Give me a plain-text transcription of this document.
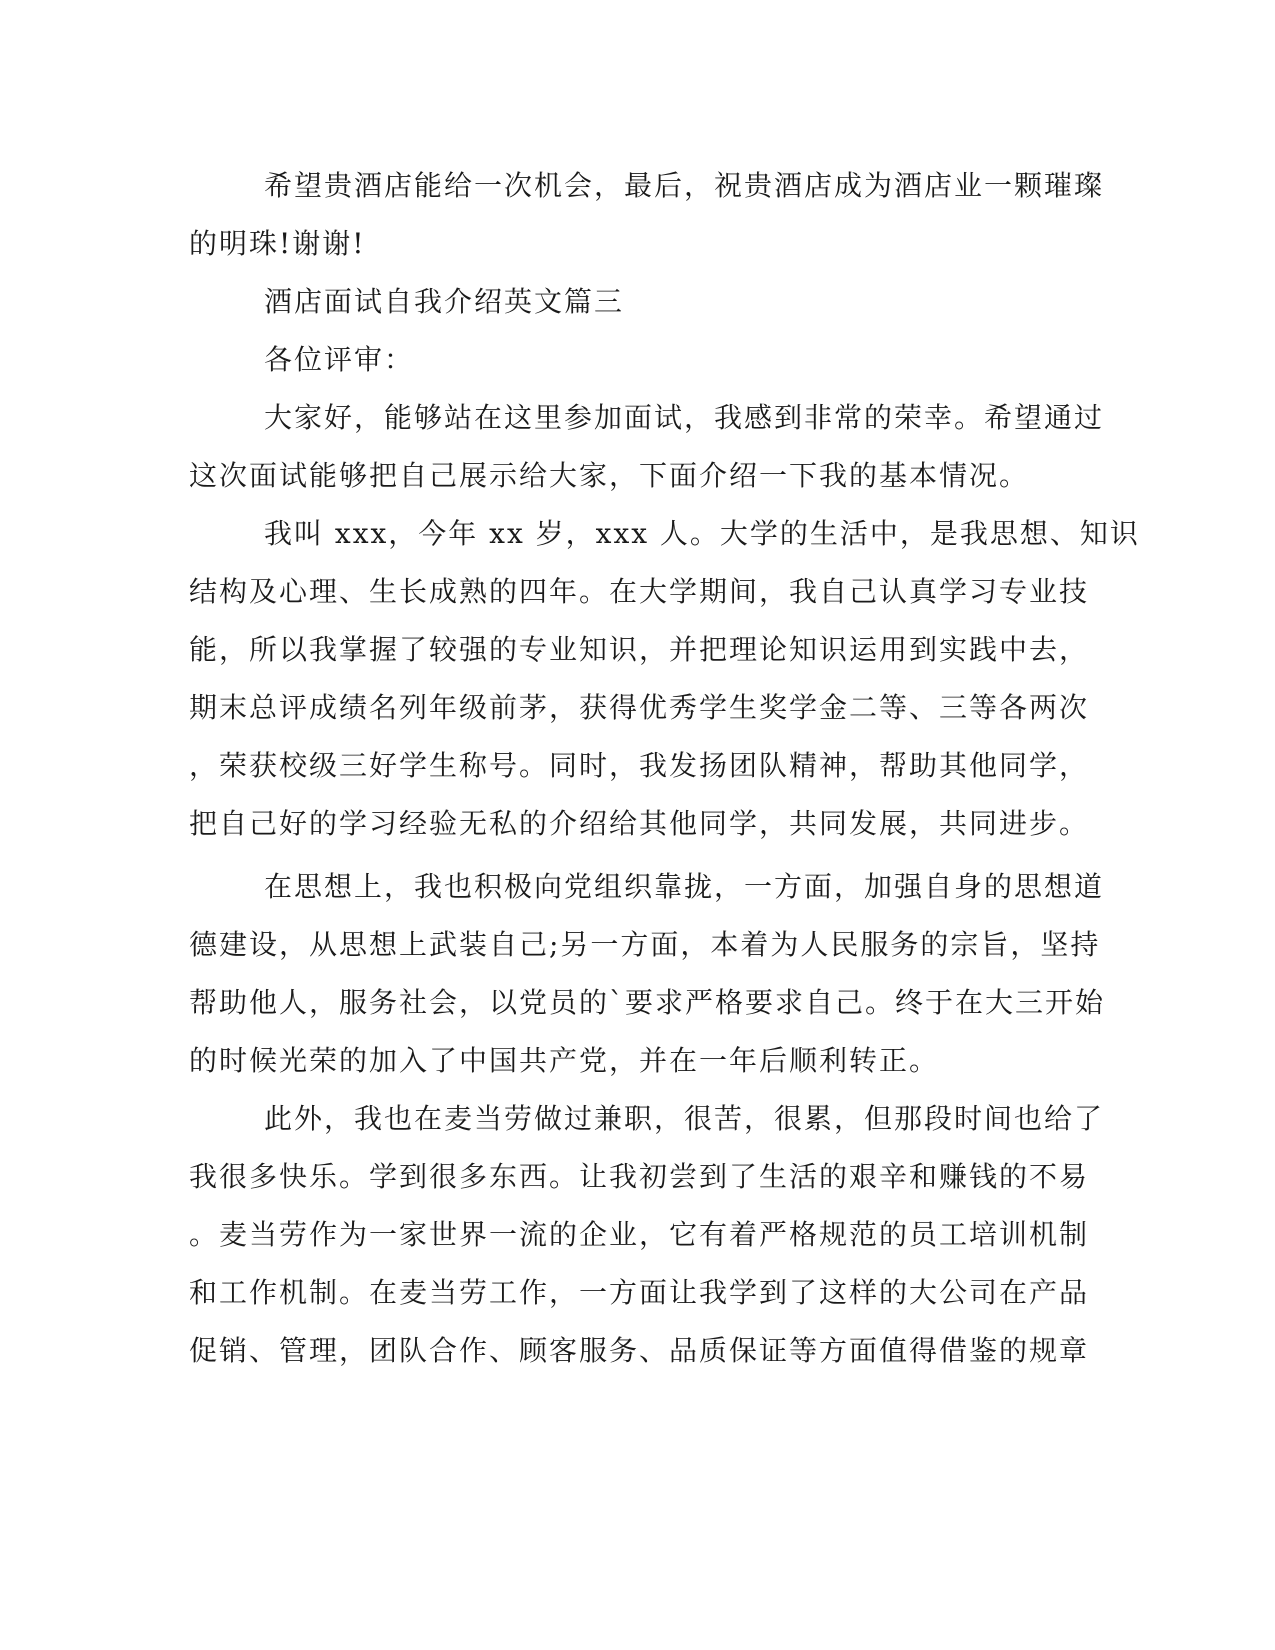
希望贵酒店能给一次机会，最后，祝贵酒店成为酒店业一颗璀璨
的明珠!谢谢!
酒店面试自我介绍英文篇三
各位评审：
大家好，能够站在这里参加面试，我感到非常的荣幸。希望通过
这次面试能够把自己展示给大家，下面介绍一下我的基本情况。
我叫 xxx，今年 xx 岁，xxx 人。大学的生活中，是我思想、知识
结构及心理、生长成熟的四年。在大学期间，我自己认真学习专业技
能，所以我掌握了较强的专业知识，并把理论知识运用到实践中去，
期末总评成绩名列年级前茅，获得优秀学生奖学金二等、三等各两次
，荣获校级三好学生称号。同时，我发扬团队精神，帮助其他同学，
把自己好的学习经验无私的介绍给其他同学，共同发展，共同进步。
在思想上，我也积极向党组织靠拢，一方面，加强自身的思想道
德建设，从思想上武装自己;另一方面，本着为人民服务的宗旨，坚持
帮助他人，服务社会，以党员的`要求严格要求自己。终于在大三开始
的时候光荣的加入了中国共产党，并在一年后顺利转正。
此外，我也在麦当劳做过兼职，很苦，很累，但那段时间也给了
我很多快乐。学到很多东西。让我初尝到了生活的艰辛和赚钱的不易
。麦当劳作为一家世界一流的企业，它有着严格规范的员工培训机制
和工作机制。在麦当劳工作，一方面让我学到了这样的大公司在产品
促销、管理，团队合作、顾客服务、品质保证等方面值得借鉴的规章
